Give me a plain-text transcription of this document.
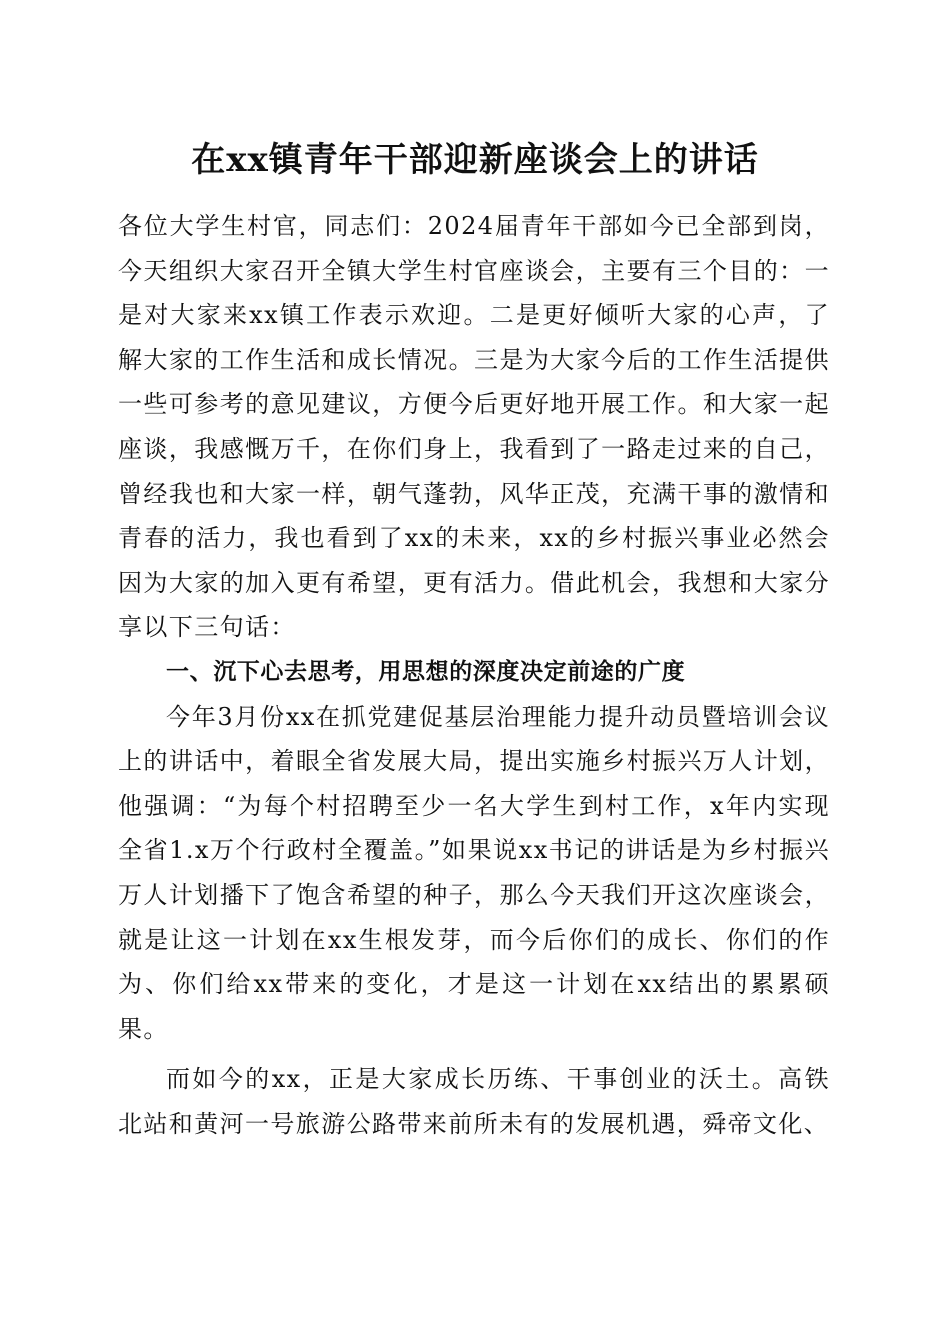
在xx镇青年干部迎新座谈会上的讲话

各位大学生村官，同志们：2024届青年干部如今已全部到岗，今天组织大家召开全镇大学生村官座谈会，主要有三个目的：一是对大家来xx镇工作表示欢迎。二是更好倾听大家的心声，了解大家的工作生活和成长情况。三是为大家今后的工作生活提供一些可参考的意见建议，方便今后更好地开展工作。和大家一起座谈，我感慨万千，在你们身上，我看到了一路走过来的自己，曾经我也和大家一样，朝气蓬勃，风华正茂，充满干事的激情和青春的活力，我也看到了xx的未来，xx的乡村振兴事业必然会因为大家的加入更有希望，更有活力。借此机会，我想和大家分享以下三句话：

一、沉下心去思考，用思想的深度决定前途的广度

今年3月份xx在抓党建促基层治理能力提升动员暨培训会议上的讲话中，着眼全省发展大局，提出实施乡村振兴万人计划，他强调：“为每个村招聘至少一名大学生到村工作，x年内实现全省1.x万个行政村全覆盖。”如果说xx书记的讲话是为乡村振兴万人计划播下了饱含希望的种子，那么今天我们开这次座谈会，就是让这一计划在xx生根发芽，而今后你们的成长、你们的作为、你们给xx带来的变化，才是这一计划在xx结出的累累硕果。

而如今的xx，正是大家成长历练、干事创业的沃土。高铁北站和黄河一号旅游公路带来前所未有的发展机遇，舜帝文化、
